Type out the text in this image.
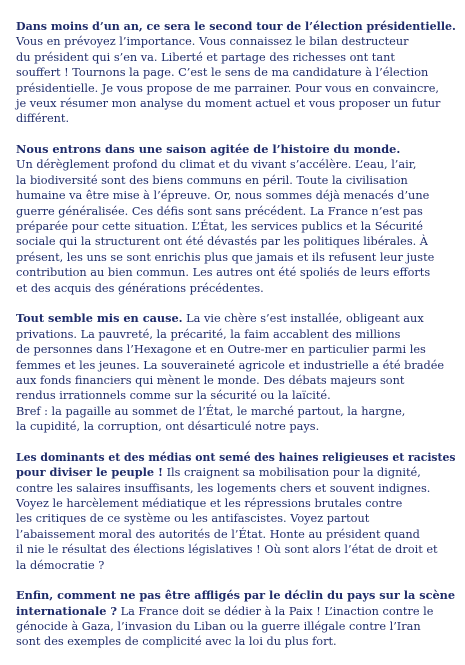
Dans moins d’un an, ce sera le second tour de l’élection présidentielle.
Vous en prévoyez l’importance. Vous connaissez le bilan destructeur
du président qui s’en va. Liberté et partage des richesses ont tant
souffert ! Tournons la page. C’est le sens de ma candidature à l’élection
présidentielle. Je vous propose de me parrainer. Pour vous en convaincre,
je veux résumer mon analyse du moment actuel et vous proposer un futur
différent.

Nous entrons dans une saison agitée de l’histoire du monde.
Un dérèglement profond du climat et du vivant s’accélère. L’eau, l’air,
la biodiversité sont des biens communs en péril. Toute la civilisation
humaine va être mise à l’épreuve. Or, nous sommes déjà menacés d’une
guerre généralisée. Ces défis sont sans précédent. La France n’est pas
préparée pour cette situation. L’État, les services publics et la Sécurité
sociale qui la structurent ont été dévastés par les politiques libérales. À
présent, les uns se sont enrichis plus que jamais et ils refusent leur juste
contribution au bien commun. Les autres ont été spoliés de leurs efforts
et des acquis des générations précédentes.

Tout semble mis en cause. La vie chère s’est installée, obligeant aux
privations. La pauvreté, la précarité, la faim accablent des millions
de personnes dans l’Hexagone et en Outre-mer en particulier parmi les
femmes et les jeunes. La souveraineté agricole et industrielle a été bradée
aux fonds financiers qui mènent le monde. Des débats majeurs sont
rendus irrationnels comme sur la sécurité ou la laïcité.
Bref : la pagaille au sommet de l’État, le marché partout, la hargne,
la cupidité, la corruption, ont désarticulé notre pays.

Les dominants et des médias ont semé des haines religieuses et racistes
pour diviser le peuple ! Ils craignent sa mobilisation pour la dignité,
contre les salaires insuffisants, les logements chers et souvent indignes.
Voyez le harcèlement médiatique et les répressions brutales contre
les critiques de ce système ou les antifascistes. Voyez partout
l’abaissement moral des autorités de l’État. Honte au président quand
il nie le résultat des élections législatives ! Où sont alors l’état de droit et
la démocratie ?

Enfin, comment ne pas être affligés par le déclin du pays sur la scène
internationale ? La France doit se dédier à la Paix ! L’inaction contre le
génocide à Gaza, l’invasion du Liban ou la guerre illégale contre l’Iran
sont des exemples de complicité avec la loi du plus fort.
